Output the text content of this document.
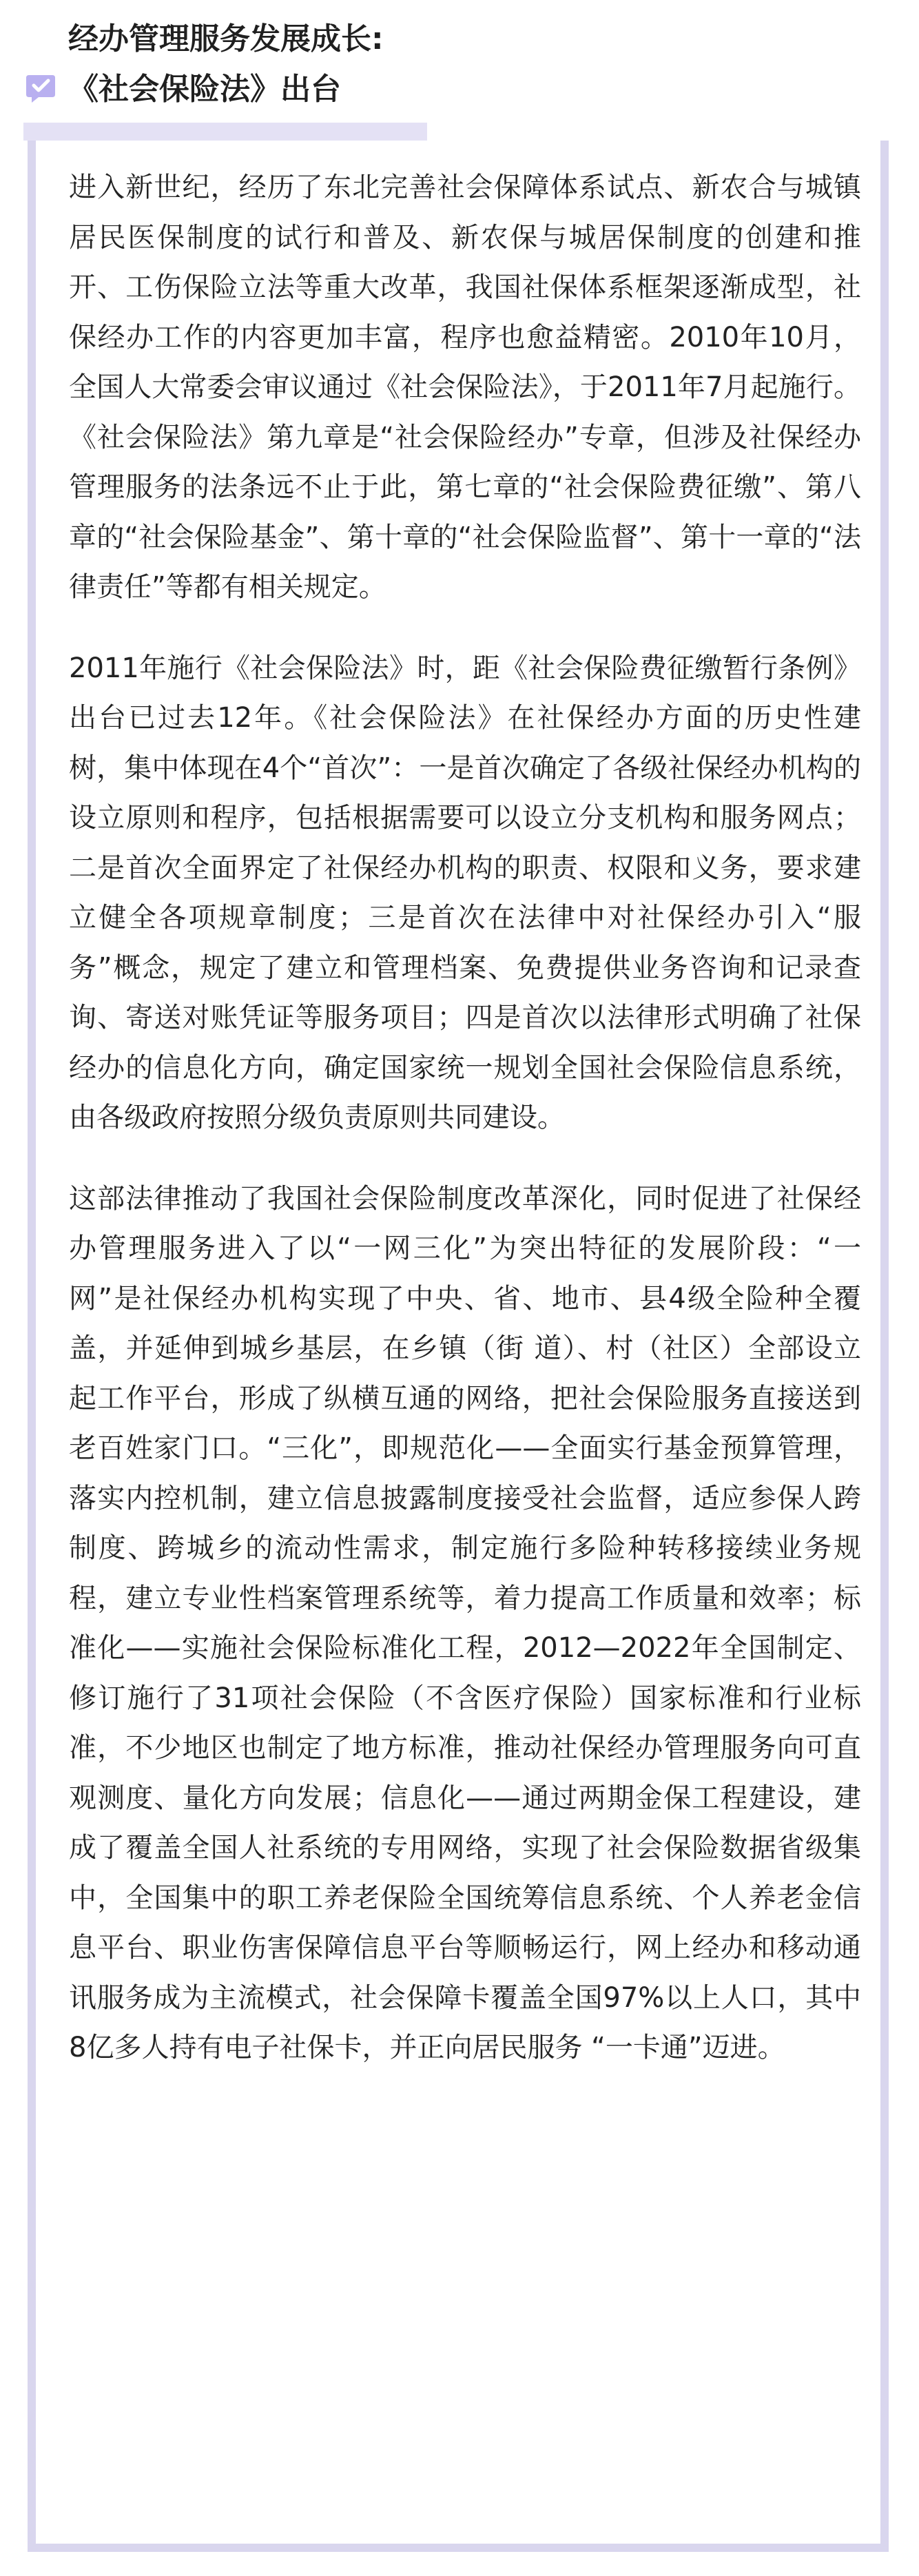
经办管理服务发展成长:
《社会保险法》出台

进入新世纪，经历了东北完善社会保障体系试点、新农合与城镇居民医保制度的试行和普及、新农保与城居保制度的创建和推开、工伤保险立法等重大改革，我国社保体系框架逐渐成型，社保经办工作的内容更加丰富，程序也愈益精密。2010年10月，全国人大常委会审议通过《社会保险法》，于2011年7月起施行。《社会保险法》第九章是“社会保险经办”专章，但涉及社保经办管理服务的法条远不止于此，第七章的“社会保险费征缴”、第八章的“社会保险基金”、第十章的“社会保险监督”、第十一章的“法律责任”等都有相关规定。

2011年施行《社会保险法》时，距《社会保险费征缴暂行条例》出台已过去12年。《社会保险法》在社保经办方面的历史性建树，集中体现在4个“首次”：一是首次确定了各级社保经办机构的设立原则和程序，包括根据需要可以设立分支机构和服务网点；二是首次全面界定了社保经办机构的职责、权限和义务，要求建立健全各项规章制度；三是首次在法律中对社保经办引入“服务”概念，规定了建立和管理档案、免费提供业务咨询和记录查询、寄送对账凭证等服务项目；四是首次以法律形式明确了社保经办的信息化方向，确定国家统一规划全国社会保险信息系统，由各级政府按照分级负责原则共同建设。

这部法律推动了我国社会保险制度改革深化，同时促进了社保经办管理服务进入了以“一网三化”为突出特征的发展阶段：“一网”是社保经办机构实现了中央、省、地市、县4级全险种全覆盖，并延伸到城乡基层，在乡镇（街 道）、村（社区）全部设立起工作平台，形成了纵横互通的网络，把社会保险服务直接送到老百姓家门口。“三化”，即规范化——全面实行基金预算管理，落实内控机制，建立信息披露制度接受社会监督，适应参保人跨制度、跨城乡的流动性需求，制定施行多险种转移接续业务规程，建立专业性档案管理系统等，着力提高工作质量和效率；标准化——实施社会保险标准化工程，2012—2022年全国制定、修订施行了31项社会保险（不含医疗保险）国家标准和行业标准，不少地区也制定了地方标准，推动社保经办管理服务向可直观测度、量化方向发展；信息化——通过两期金保工程建设，建成了覆盖全国人社系统的专用网络，实现了社会保险数据省级集中，全国集中的职工养老保险全国统筹信息系统、个人养老金信息平台、职业伤害保障信息平台等顺畅运行，网上经办和移动通讯服务成为主流模式，社会保障卡覆盖全国97%以上人口，其中8亿多人持有电子社保卡，并正向居民服务 “一卡通”迈进。
